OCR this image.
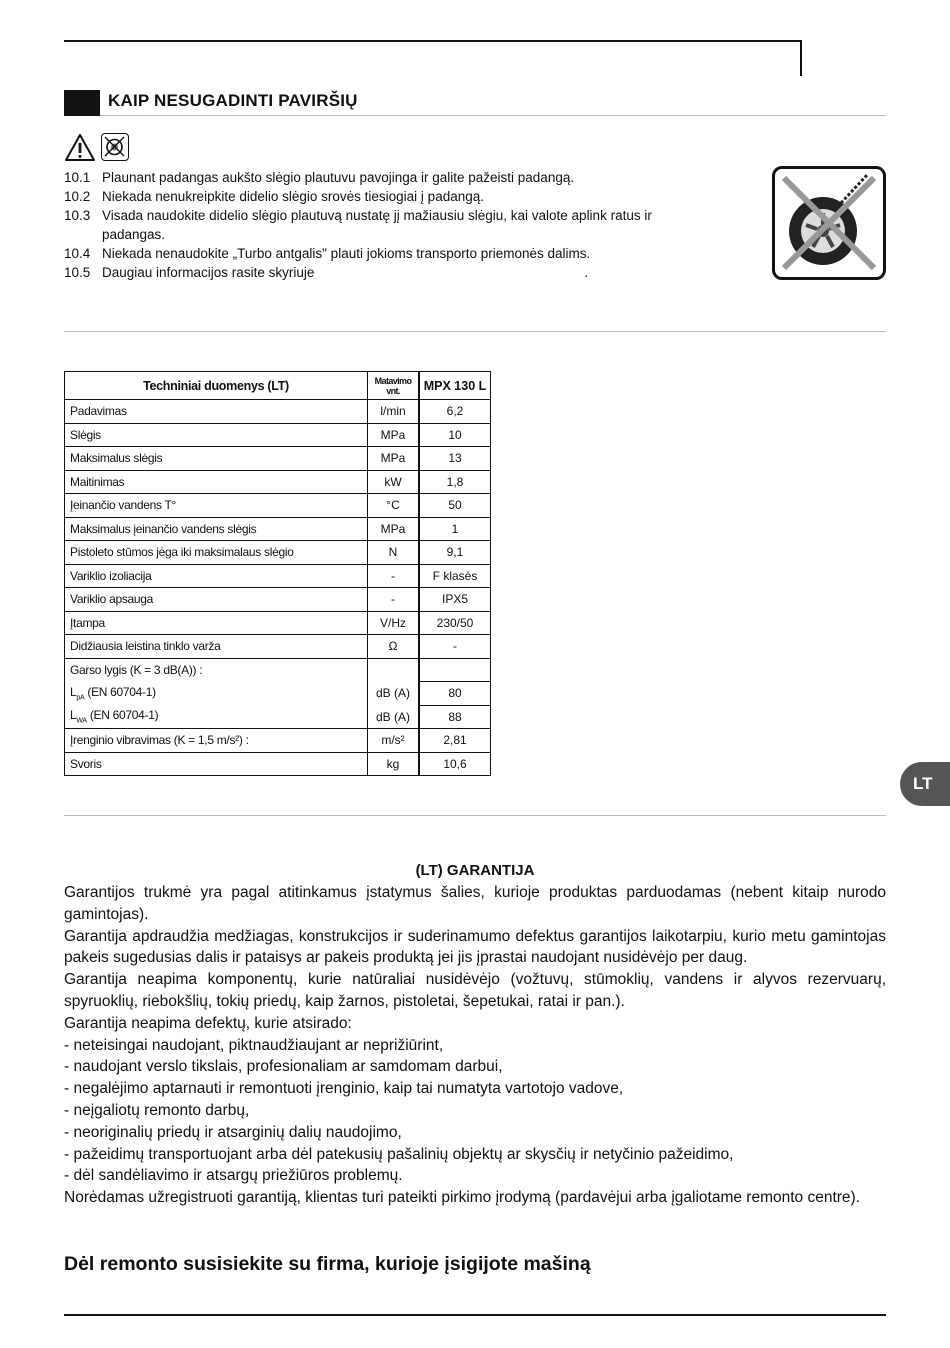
KAIP NESUGADINTI PAVIRŠIŲ
10.1 Plaunant padangas aukšto slėgio plautuvu pavojinga ir galite pažeisti padangą.
10.2 Niekada nenukreipkite didelio slėgio srovės tiesiogiai į padangą.
10.3 Visada naudokite didelio slėgio plautuvą nustatę jį mažiausiu slėgiu, kai valote aplink ratus ir padangas.
10.4 Niekada nenaudokite „Turbo antgalis" plauti jokioms transporto priemonės dalims.
10.5 Daugiau informacijos rasite skyriuje                                                                        .
Techniniai duomenys (LT)	Matavimo vnt.		MPX 130 L
Padavimas	l/min		6,2
Slėgis	MPa		10
Maksimalus slėgis	MPa		13
Maitinimas	kW		1,8
Įeinančio vandens T°	°C		50
Maksimalus įeinančio vandens slėgis	MPa		1
Pistoleto stūmos jėga iki maksimalaus slėgio	N		9,1
Variklio izoliacija	-		F klasės
Variklio apsauga	-		IPX5
Įtampa	V/Hz		230/50
Didžiausia leistina tinklo varža	Ω		-
Garso lygis (K = 3 dB(A)) :			
$L_{pA}$ (EN 60704-1)	dB (A)		80
$L_{WA}$ (EN 60704-1)	dB (A)		88
Įrenginio vibravimas (K = 1,5 m/s²) :	m/s²		2,81
Svoris	kg		10,6
LT
(LT) GARANTIJA

Garantijos trukmė yra pagal atitinkamus įstatymus šalies, kurioje produktas parduodamas (nebent kitaip nurodo gamintojas).

Garantija apdraudžia medžiagas, konstrukcijos ir suderinamumo defektus garantijos laikotarpiu, kurio metu gamintojas pakeis sugedusias dalis ir pataisys ar pakeis produktą jei jis įprastai naudojant nusidėvėjo per daug.

Garantija neapima komponentų, kurie natūraliai nusidėvėjo (vožtuvų, stūmoklių, vandens ir alyvos rezervuarų, spyruoklių, riebokšlių, tokių priedų, kaip žarnos, pistoletai, šepetukai, ratai ir pan.).

Garantija neapima defektų, kurie atsirado:

- neteisingai naudojant, piktnaudžiaujant ar neprižiūrint,

- naudojant verslo tikslais, profesionaliam ar samdomam darbui,

- negalėjimo aptarnauti ir remontuoti įrenginio, kaip tai numatyta vartotojo vadove,

- neįgaliotų remonto darbų,

- neoriginalių priedų ir atsarginių dalių naudojimo,

- pažeidimų transportuojant arba dėl patekusių pašalinių objektų ar skysčių ir netyčinio pažeidimo,

- dėl sandėliavimo ir atsargų priežiūros problemų.

Norėdamas užregistruoti garantiją, klientas turi pateikti pirkimo įrodymą (pardavėjui arba įgaliotame remonto centre).

Dėl remonto susisiekite su firma, kurioje įsigijote mašiną
